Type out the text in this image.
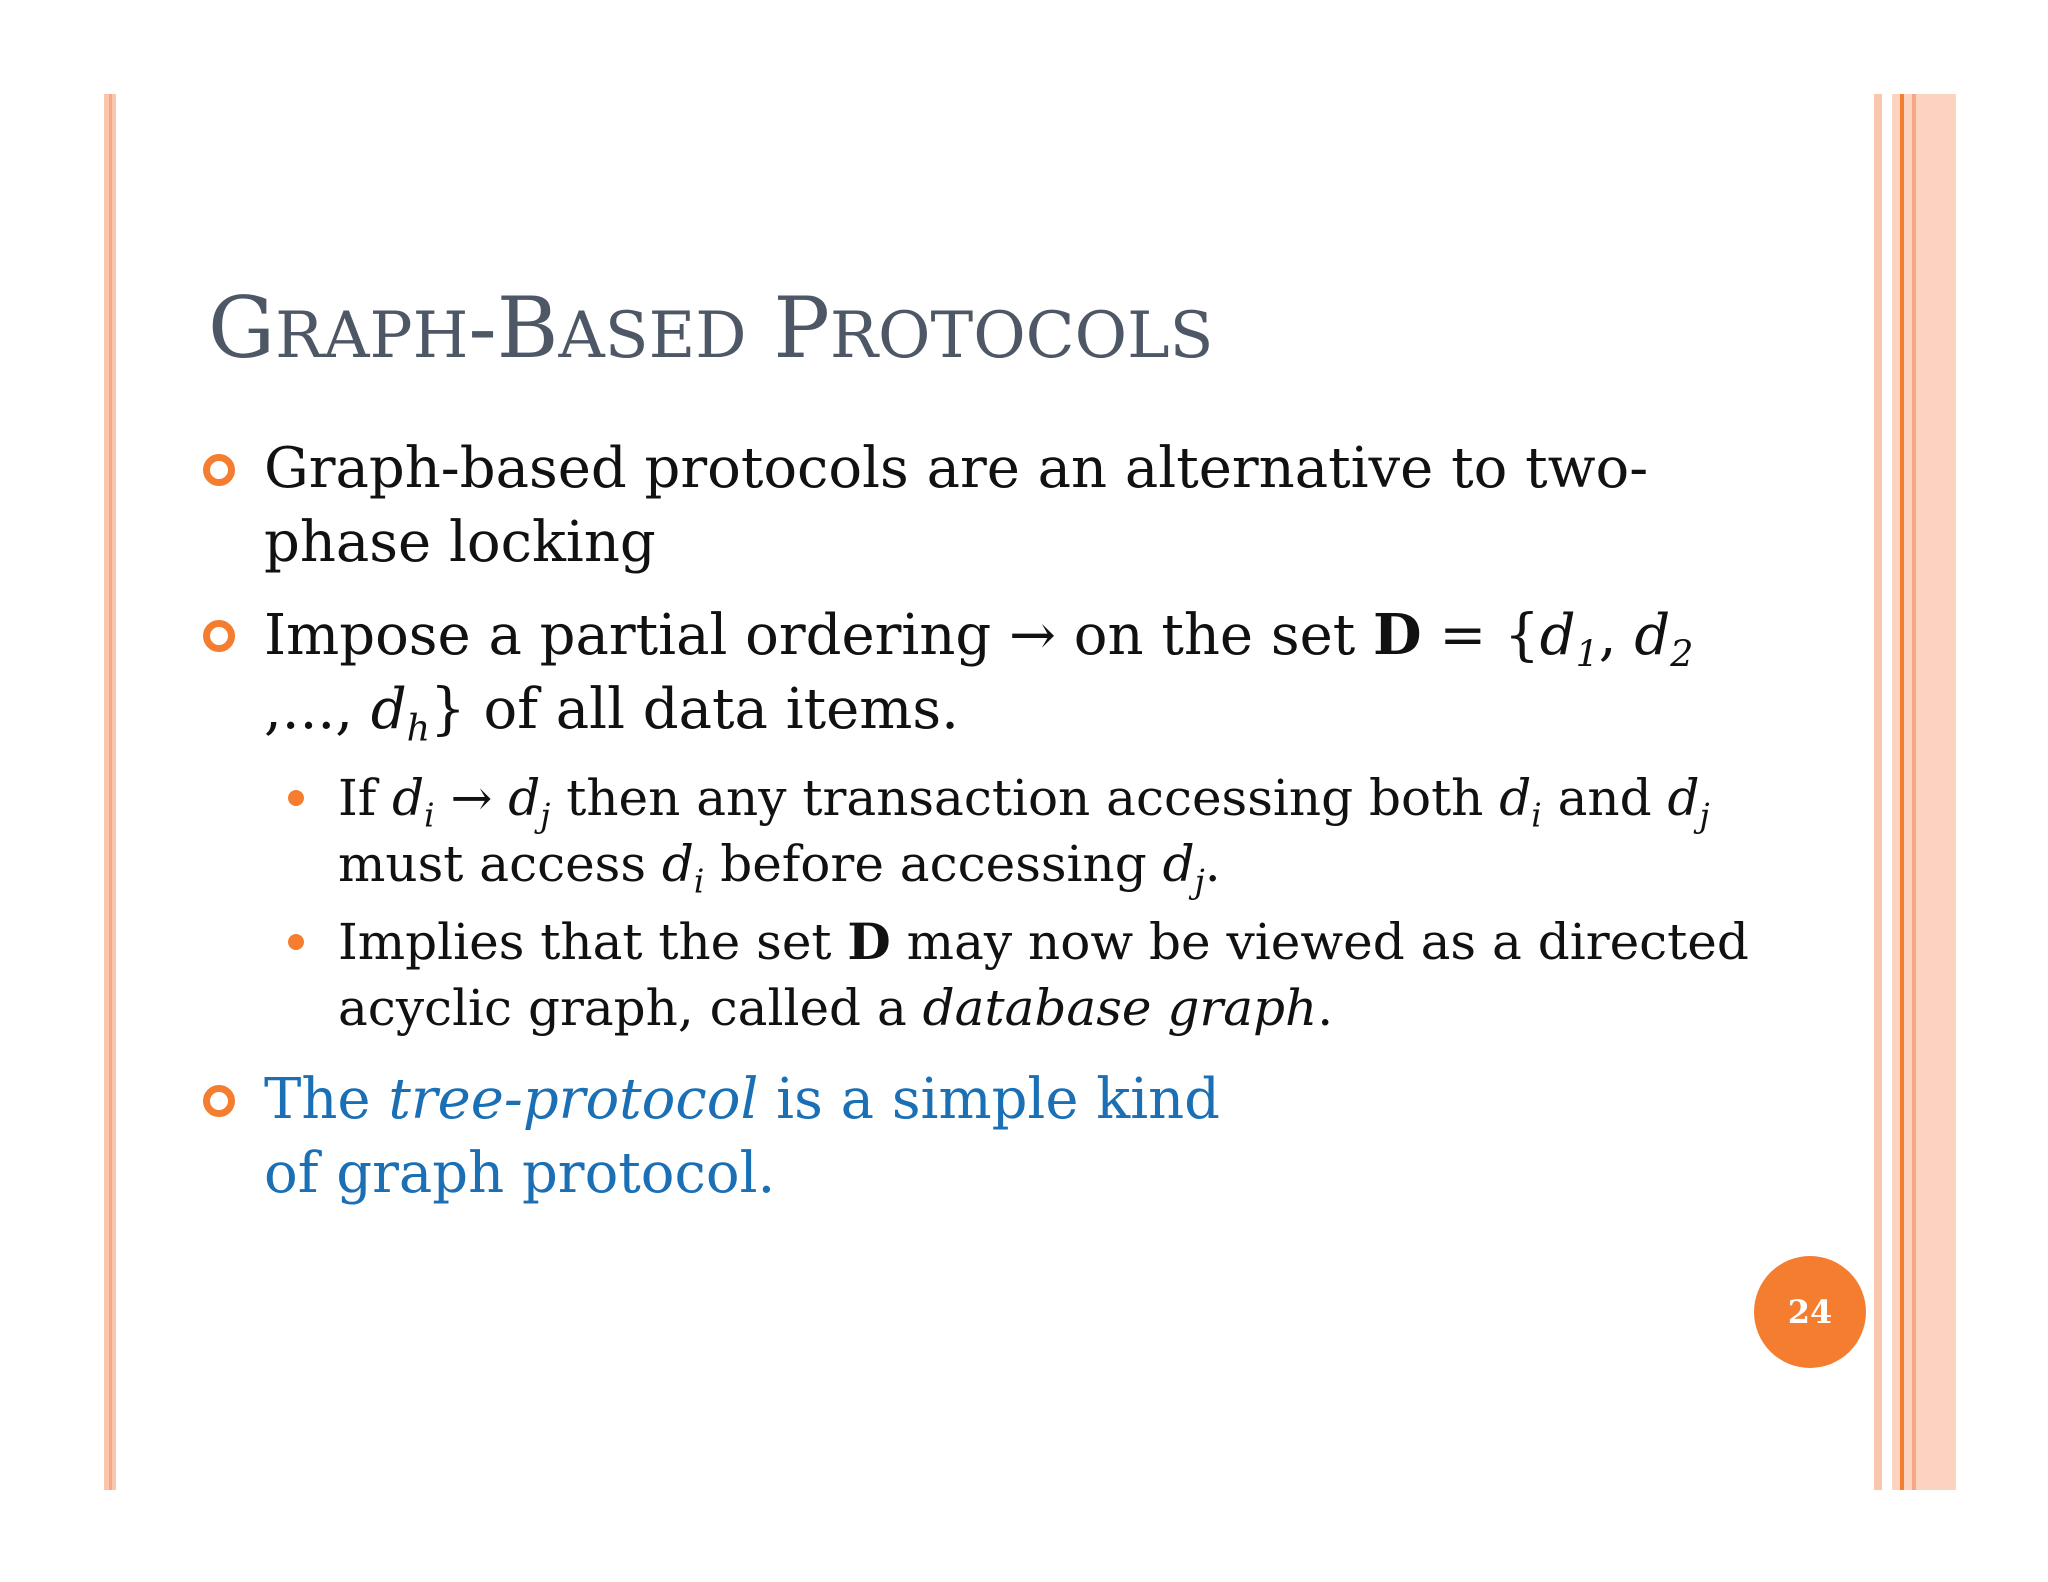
GRAPH-BASED PROTOCOLS
Graph-based protocols are an alternative to two-phase locking
Impose a partial ordering → on the set $D = \{d_1$, $d_2$ ,..., $d_h$} of all data items.
If $d_i \to d_j$ then any transaction accessing both $d_i$ and $d_j$ must access $d_i$ before accessing $d_j$.
Implies that the set D may now be viewed as a directed acyclic graph, called a database graph.
The tree-protocol is a simple kind of graph protocol.
24
